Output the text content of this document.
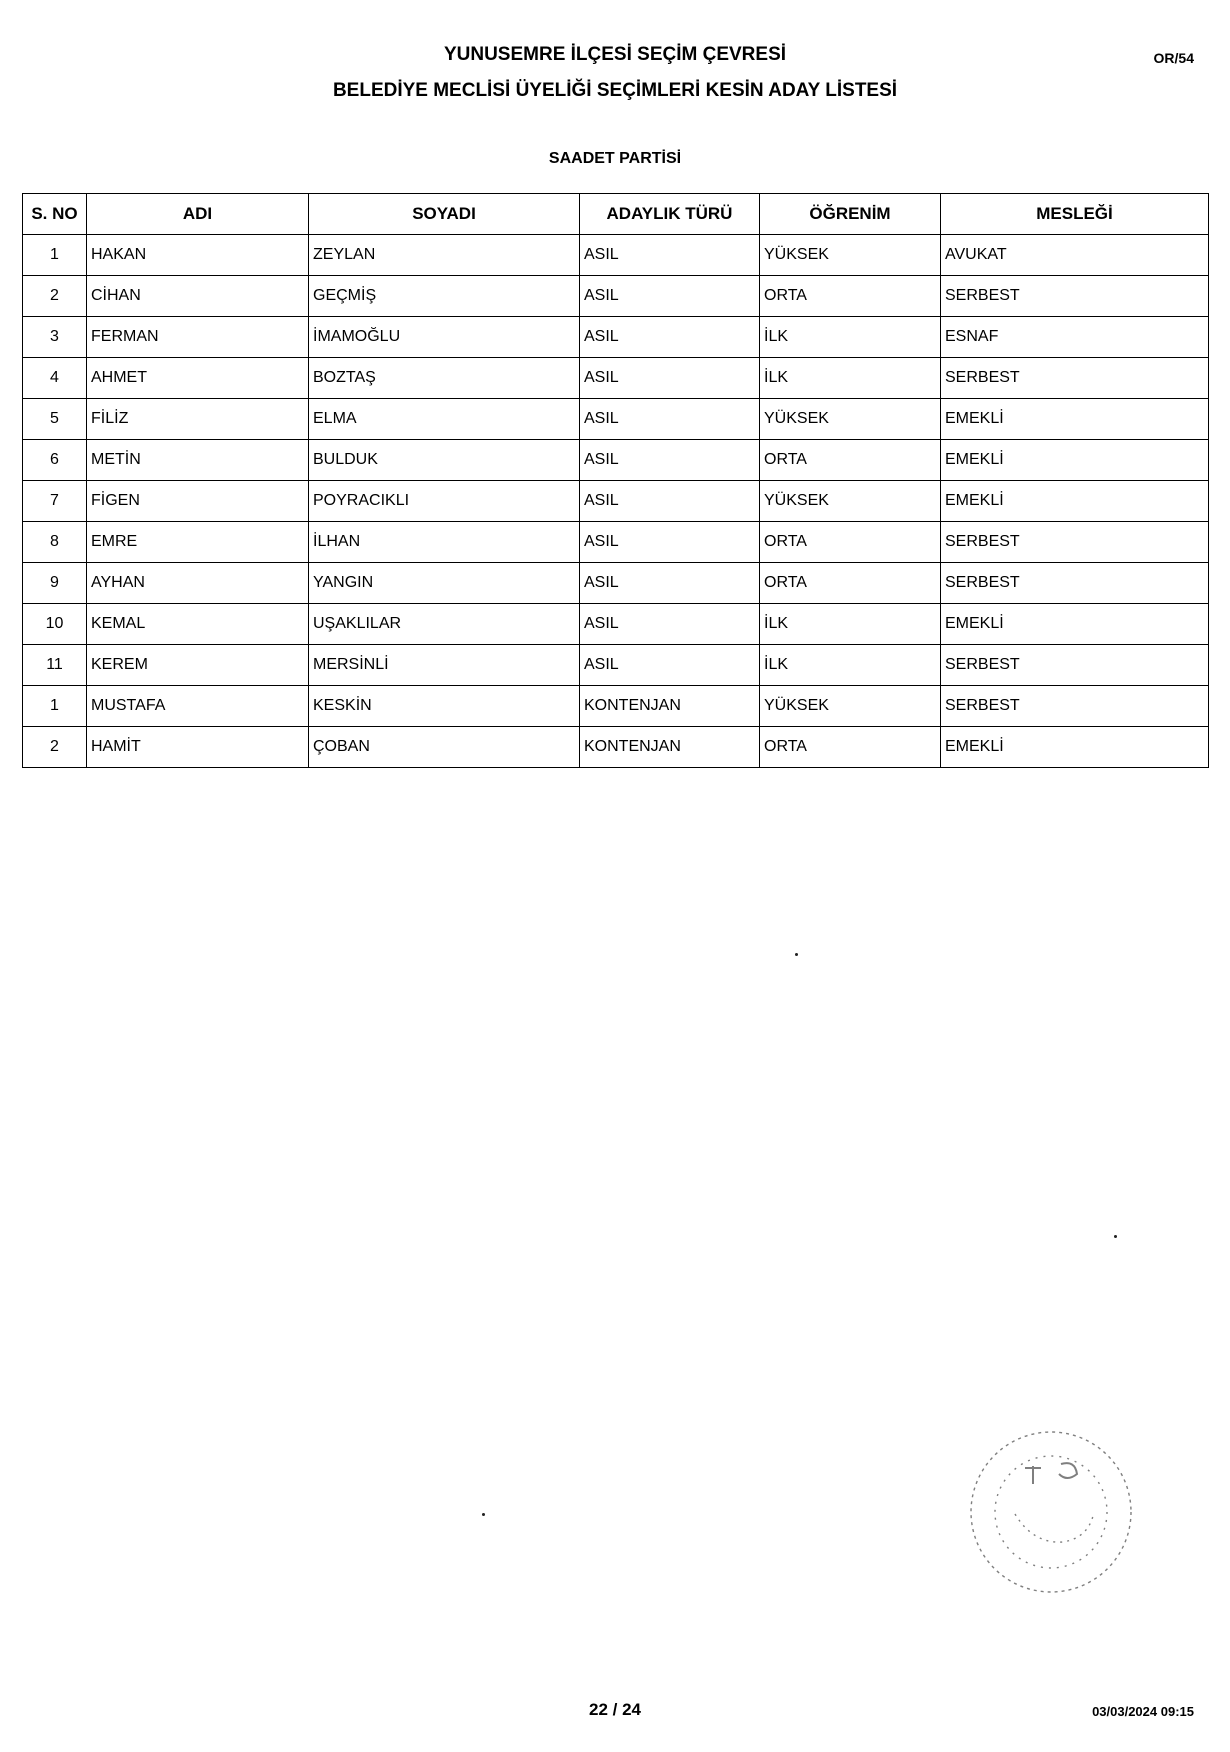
YUNUSEMRE İLÇESİ SEÇİM ÇEVRESİ
BELEDİYE MECLİSİ ÜYELİĞİ SEÇİMLERİ KESİN ADAY LİSTESİ
OR/54
SAADET PARTİSİ
S. NO	ADI	SOYADI	ADAYLIK TÜRÜ	ÖĞRENİM	MESLEĞİ
1	HAKAN	ZEYLAN	ASIL	YÜKSEK	AVUKAT
2	CİHAN	GEÇMİŞ	ASIL	ORTA	SERBEST
3	FERMAN	İMAMOĞLU	ASIL	İLK	ESNAF
4	AHMET	BOZTAŞ	ASIL	İLK	SERBEST
5	FİLİZ	ELMA	ASIL	YÜKSEK	EMEKLİ
6	METİN	BULDUK	ASIL	ORTA	EMEKLİ
7	FİGEN	POYRACIKLI	ASIL	YÜKSEK	EMEKLİ
8	EMRE	İLHAN	ASIL	ORTA	SERBEST
9	AYHAN	YANGIN	ASIL	ORTA	SERBEST
10	KEMAL	UŞAKLILAR	ASIL	İLK	EMEKLİ
11	KEREM	MERSİNLİ	ASIL	İLK	SERBEST
1	MUSTAFA	KESKİN	KONTENJAN	YÜKSEK	SERBEST
2	HAMİT	ÇOBAN	KONTENJAN	ORTA	EMEKLİ
22 / 24	03/03/2024 09:15
